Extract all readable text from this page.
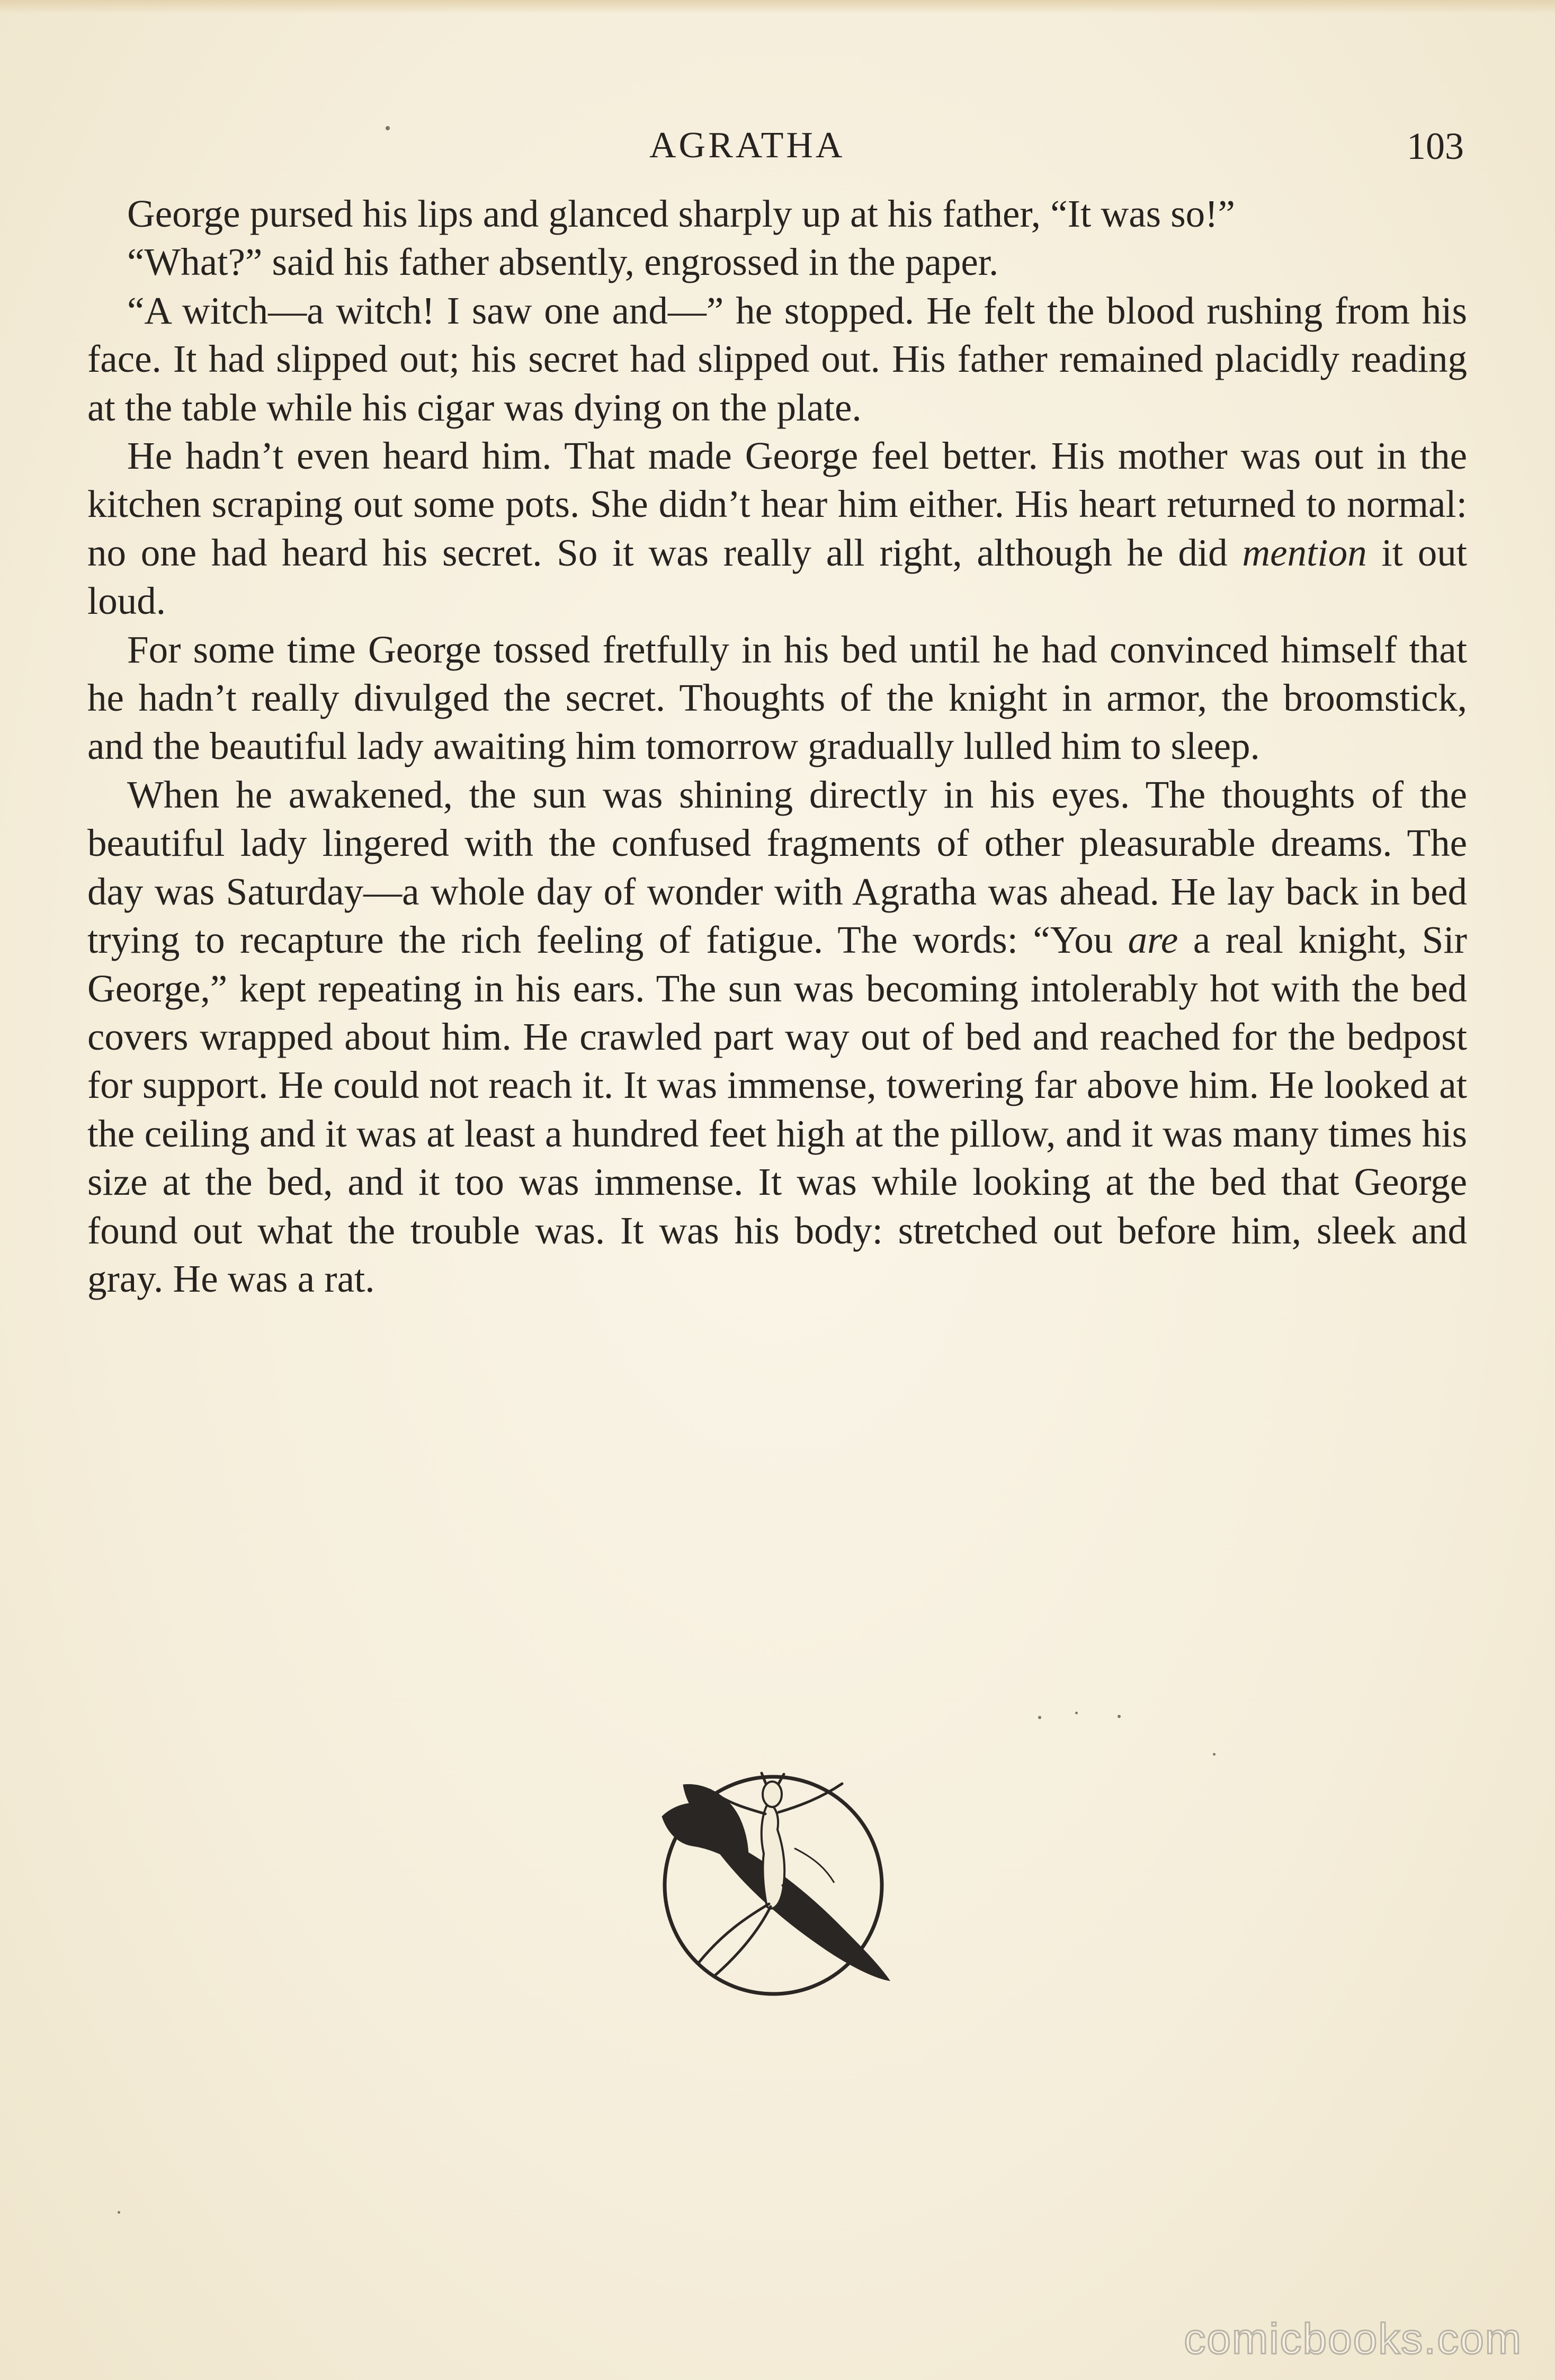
AGRATHA	103

George pursed his lips and glanced sharply up at his father, “It was so!”

“What?” said his father absently, engrossed in the paper.

“A witch—a witch! I saw one and—” he stopped. He felt the blood rushing from his face. It had slipped out; his secret had slipped out. His father remained placidly reading at the table while his cigar was dying on the plate.

He hadn’t even heard him. That made George feel better. His mother was out in the kitchen scraping out some pots. She didn’t hear him either. His heart returned to normal: no one had heard his secret. So it was really all right, although he did mention it out loud.

For some time George tossed fretfully in his bed until he had convinced himself that he hadn’t really divulged the secret. Thoughts of the knight in armor, the broomstick, and the beautiful lady awaiting him tomorrow gradually lulled him to sleep.

When he awakened, the sun was shining directly in his eyes. The thoughts of the beautiful lady lingered with the confused fragments of other pleasurable dreams. The day was Saturday—a whole day of wonder with Agratha was ahead. He lay back in bed trying to recapture the rich feeling of fatigue. The words: “You are a real knight, Sir George,” kept repeating in his ears. The sun was becoming intolerably hot with the bed covers wrapped about him. He crawled part way out of bed and reached for the bedpost for support. He could not reach it. It was immense, towering far above him. He looked at the ceiling and it was at least a hundred feet high at the pillow, and it was many times his size at the bed, and it too was immense. It was while looking at the bed that George found out what the trouble was. It was his body: stretched out before him, sleek and gray. He was a rat.

comicbooks.com
